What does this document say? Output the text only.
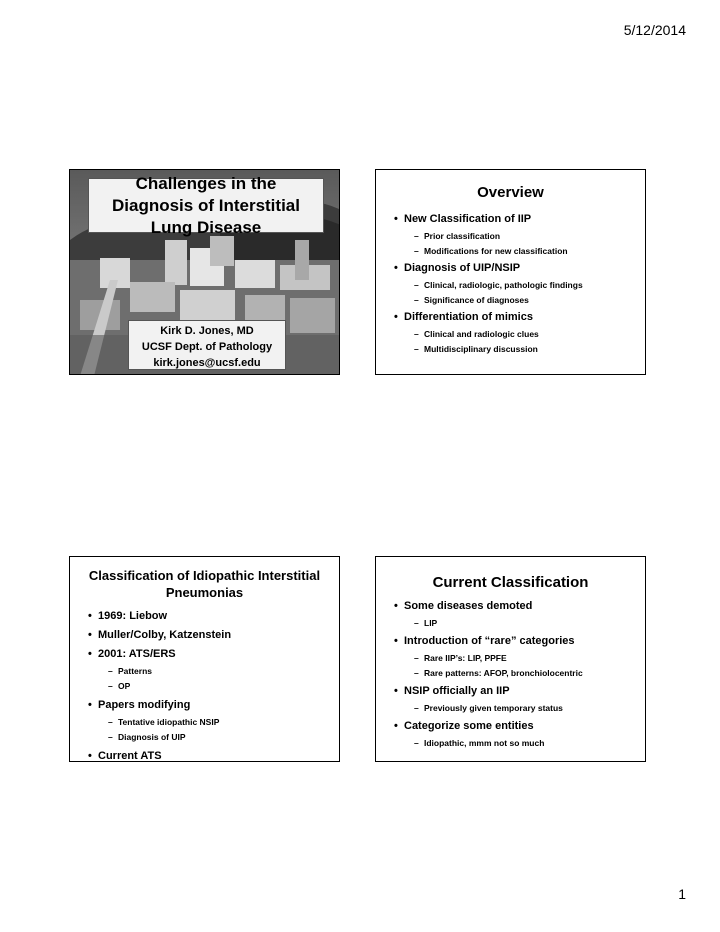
5/12/2014
Challenges in the Diagnosis of Interstitial Lung Disease
Kirk D. Jones, MD
UCSF Dept. of Pathology
kirk.jones@ucsf.edu
Overview
• New Classification of IIP
– Prior classification
– Modifications for new classification
• Diagnosis of UIP/NSIP
– Clinical, radiologic, pathologic findings
– Significance of diagnoses
• Differentiation of mimics
– Clinical and radiologic clues
– Multidisciplinary discussion
Classification of Idiopathic Interstitial Pneumonias
• 1969: Liebow
• Muller/Colby, Katzenstein
• 2001: ATS/ERS
– Patterns
– OP
• Papers modifying
– Tentative idiopathic NSIP
– Diagnosis of UIP
• Current ATS
Current Classification
• Some diseases demoted
– LIP
• Introduction of “rare” categories
– Rare IIP’s: LIP, PPFE
– Rare patterns: AFOP, bronchiolocentric
• NSIP officially an IIP
– Previously given temporary status
• Categorize some entities
– Idiopathic, mmm not so much
1
